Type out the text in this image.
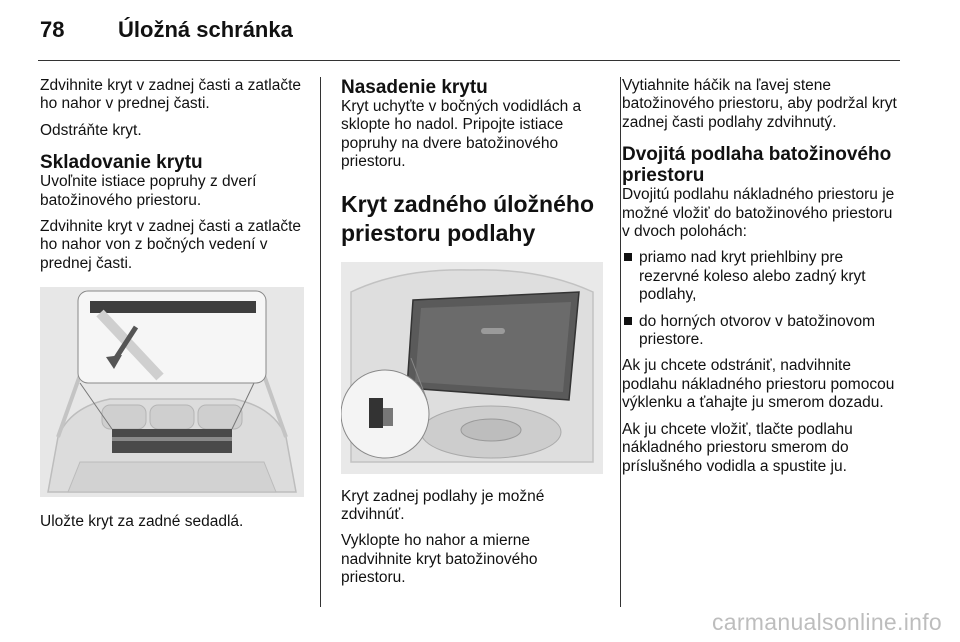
78 Úložná schránka

Zdvihnite kryt v zadnej časti a zatlačte ho nahor v prednej časti.

Odstráňte kryt.

Skladovanie krytu

Uvoľnite istiace popruhy z dverí batožinového priestoru.

Zdvihnite kryt v zadnej časti a zatlačte ho nahor von z bočných vedení v prednej časti.

Uložte kryt za zadné sedadlá.

Nasadenie krytu

Kryt uchyťte v bočných vodidlách a sklopte ho nadol. Pripojte istiace popruhy na dvere batožinového priestoru.

Kryt zadného úložného priestoru podlahy

Kryt zadnej podlahy je možné zdvihnúť.

Vyklopte ho nahor a mierne nadvihnite kryt batožinového priestoru.

Vytiahnite háčik na ľavej stene batožinového priestoru, aby podržal kryt zadnej časti podlahy zdvihnutý.

Dvojitá podlaha batožinového priestoru

Dvojitú podlahu nákladného priestoru je možné vložiť do batožinového priestoru v dvoch polohách:

priamo nad kryt priehlbiny pre rezervné koleso alebo zadný kryt podlahy,
do horných otvorov v batožinovom priestore.

Ak ju chcete odstrániť, nadvihnite podlahu nákladného priestoru pomocou výklenku a ťahajte ju smerom dozadu.

Ak ju chcete vložiť, tlačte podlahu nákladného priestoru smerom do príslušného vodidla a spustite ju.

carmanualsonline.info
